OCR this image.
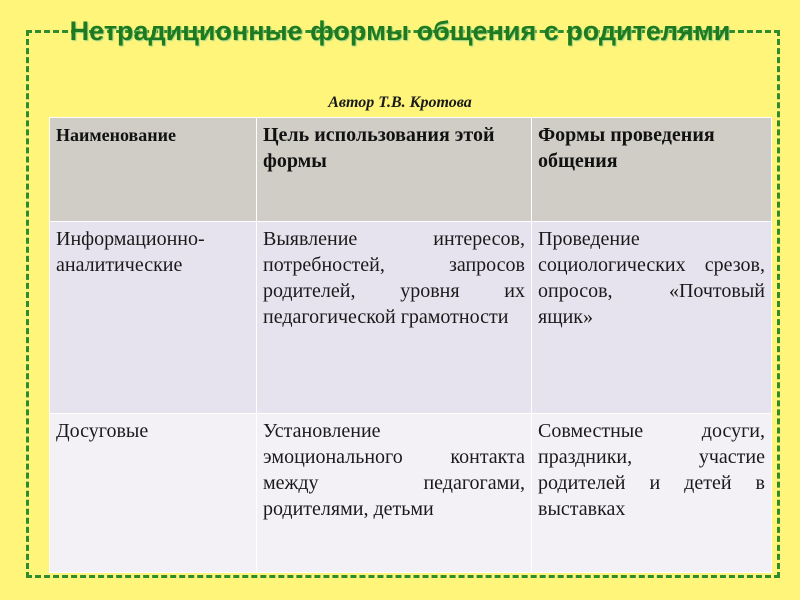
Нетрадиционные формы общения с родителями
Автор Т.В. Кротова
Наименование	Цель использования этой формы	Формы проведения общения
Информационно-аналитические	Выявление интересов, потребностей, запросов родителей, уровня их педагогической грамотности	Проведение социологических срезов, опросов, «Почтовый ящик»
Досуговые	Установление эмоционального контакта между педагогами, родителями, детьми	Совместные досуги, праздники, участие родителей и детей в выставках
